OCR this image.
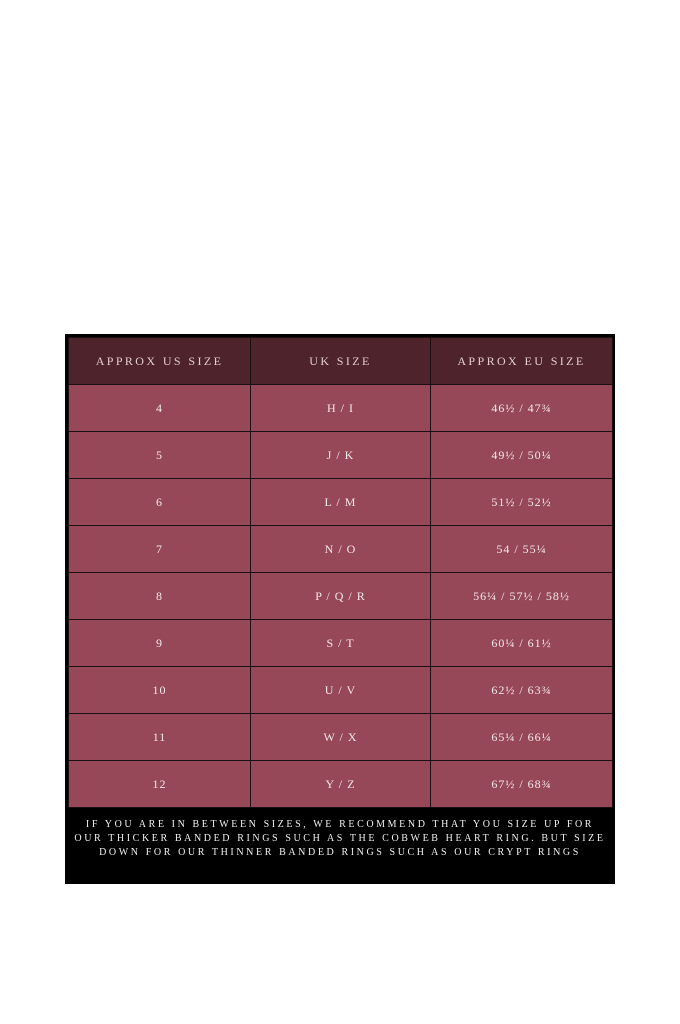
APPROX US SIZE	UK SIZE	APPROX EU SIZE
4	H / I	46½ / 47¾
5	J / K	49½ / 50¼
6	L / M	51½ / 52½
7	N / O	54 / 55¼
8	P / Q / R	56¼ / 57½ / 58½
9	S / T	60¼ / 61½
10	U / V	62½ / 63¾
11	W / X	65¼ / 66¼
12	Y / Z	67½ / 68¾
IF YOU ARE IN BETWEEN SIZES, WE RECOMMEND THAT YOU SIZE UP FOR OUR THICKER BANDED RINGS SUCH AS THE COBWEB HEART RING. BUT SIZE DOWN FOR OUR THINNER BANDED RINGS SUCH AS OUR CRYPT RINGS
